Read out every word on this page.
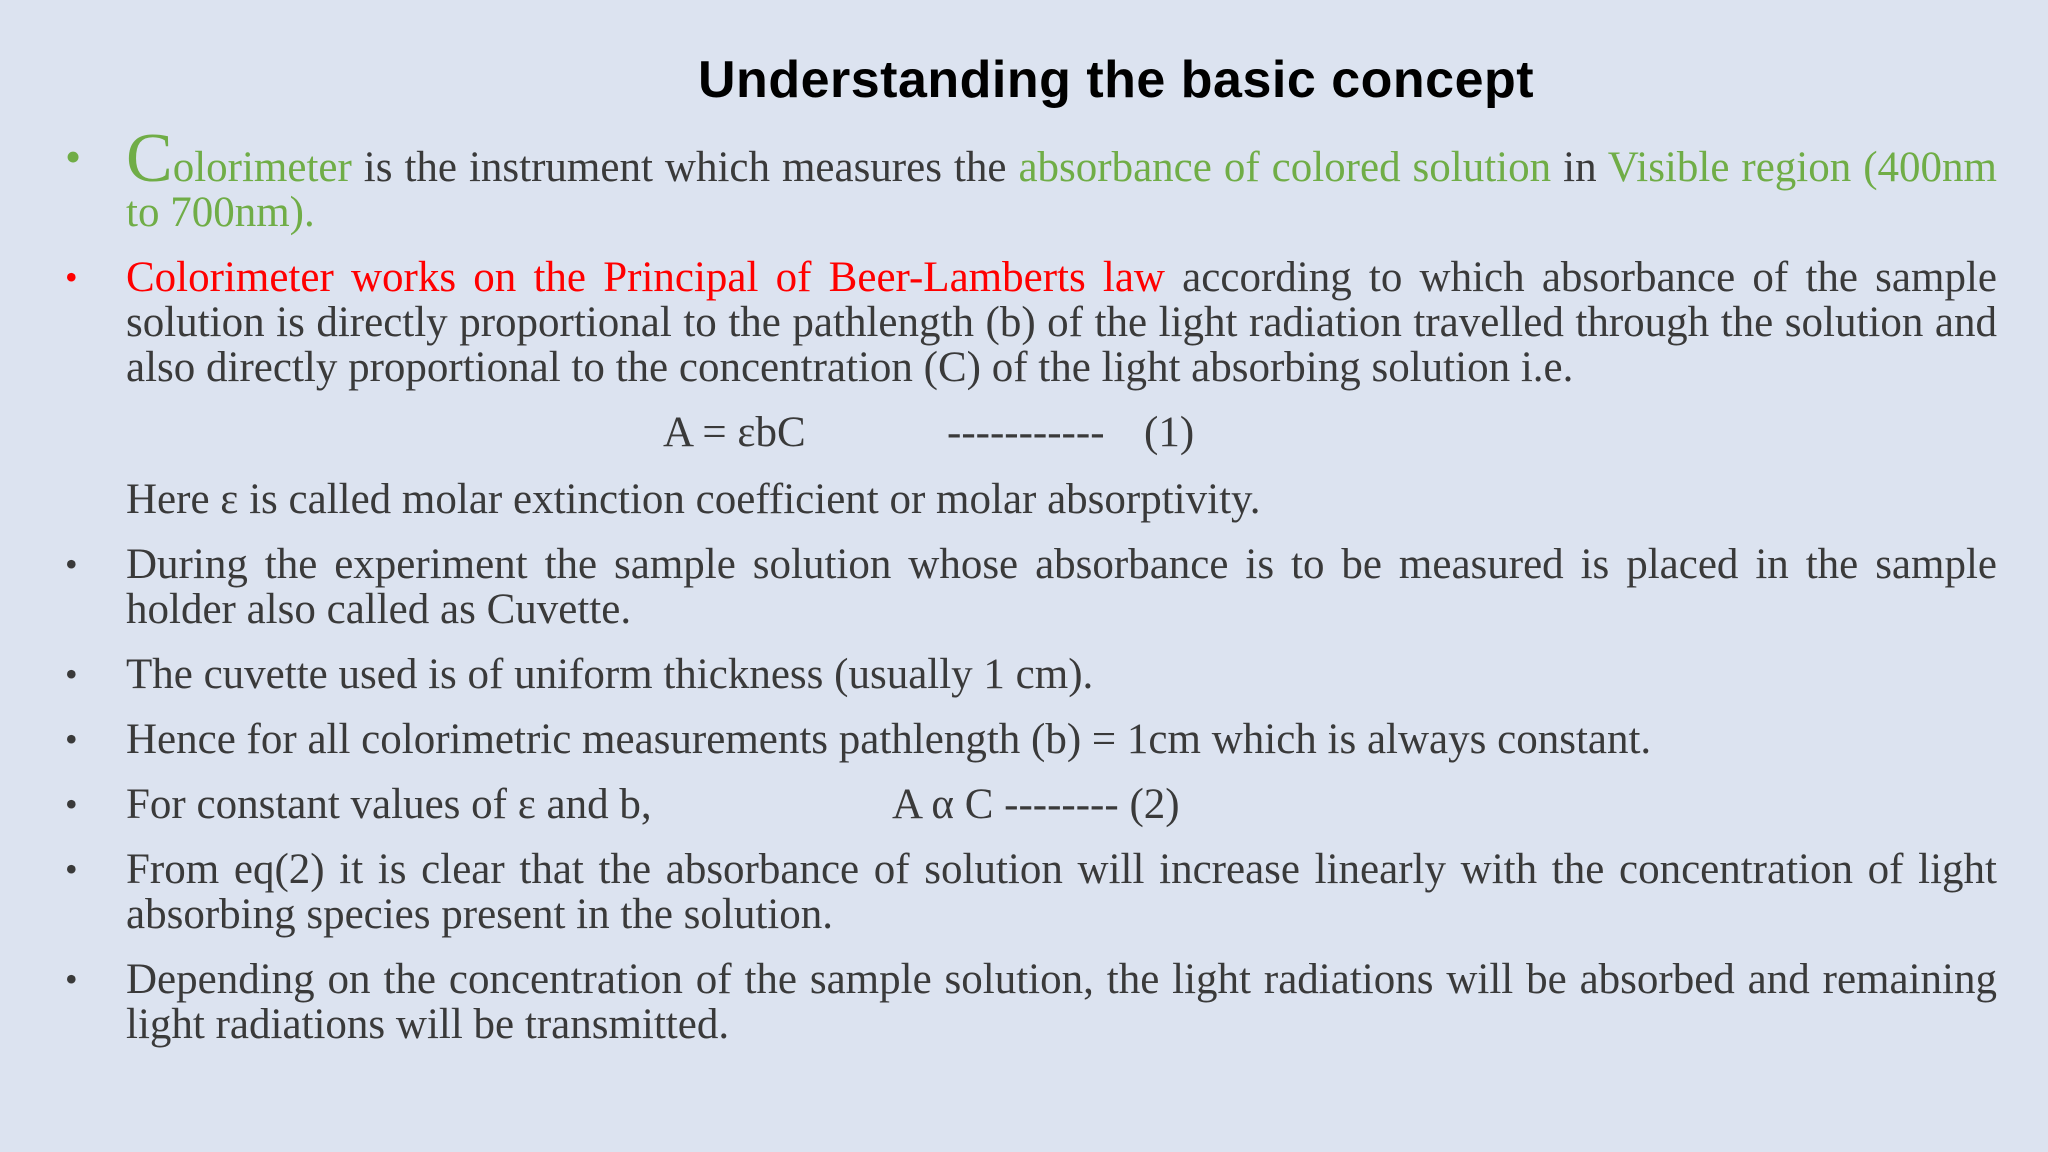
Understanding the basic concept
• Colorimeter is the instrument which measures the absorbance of colored solution in Visible region (400nm to 700nm).
• Colorimeter works on the Principal of Beer-Lamberts law according to which absorbance of the sample solution is directly proportional to the pathlength (b) of the light radiation travelled through the solution and also directly proportional to the concentration (C) of the light absorbing solution i.e.
A = εbC	----------- (1)
Here ε is called molar extinction coefficient or molar absorptivity.
• During the experiment the sample solution whose absorbance is to be measured is placed in the sample holder also called as Cuvette.
• The cuvette used is of uniform thickness (usually 1 cm).
• Hence for all colorimetric measurements pathlength (b) = 1cm which is always constant.
• For constant values of ε and b,	A α C -------- (2)
• From eq(2) it is clear that the absorbance of solution will increase linearly with the concentration of light absorbing species present in the solution.
• Depending on the concentration of the sample solution, the light radiations will be absorbed and remaining light radiations will be transmitted.
